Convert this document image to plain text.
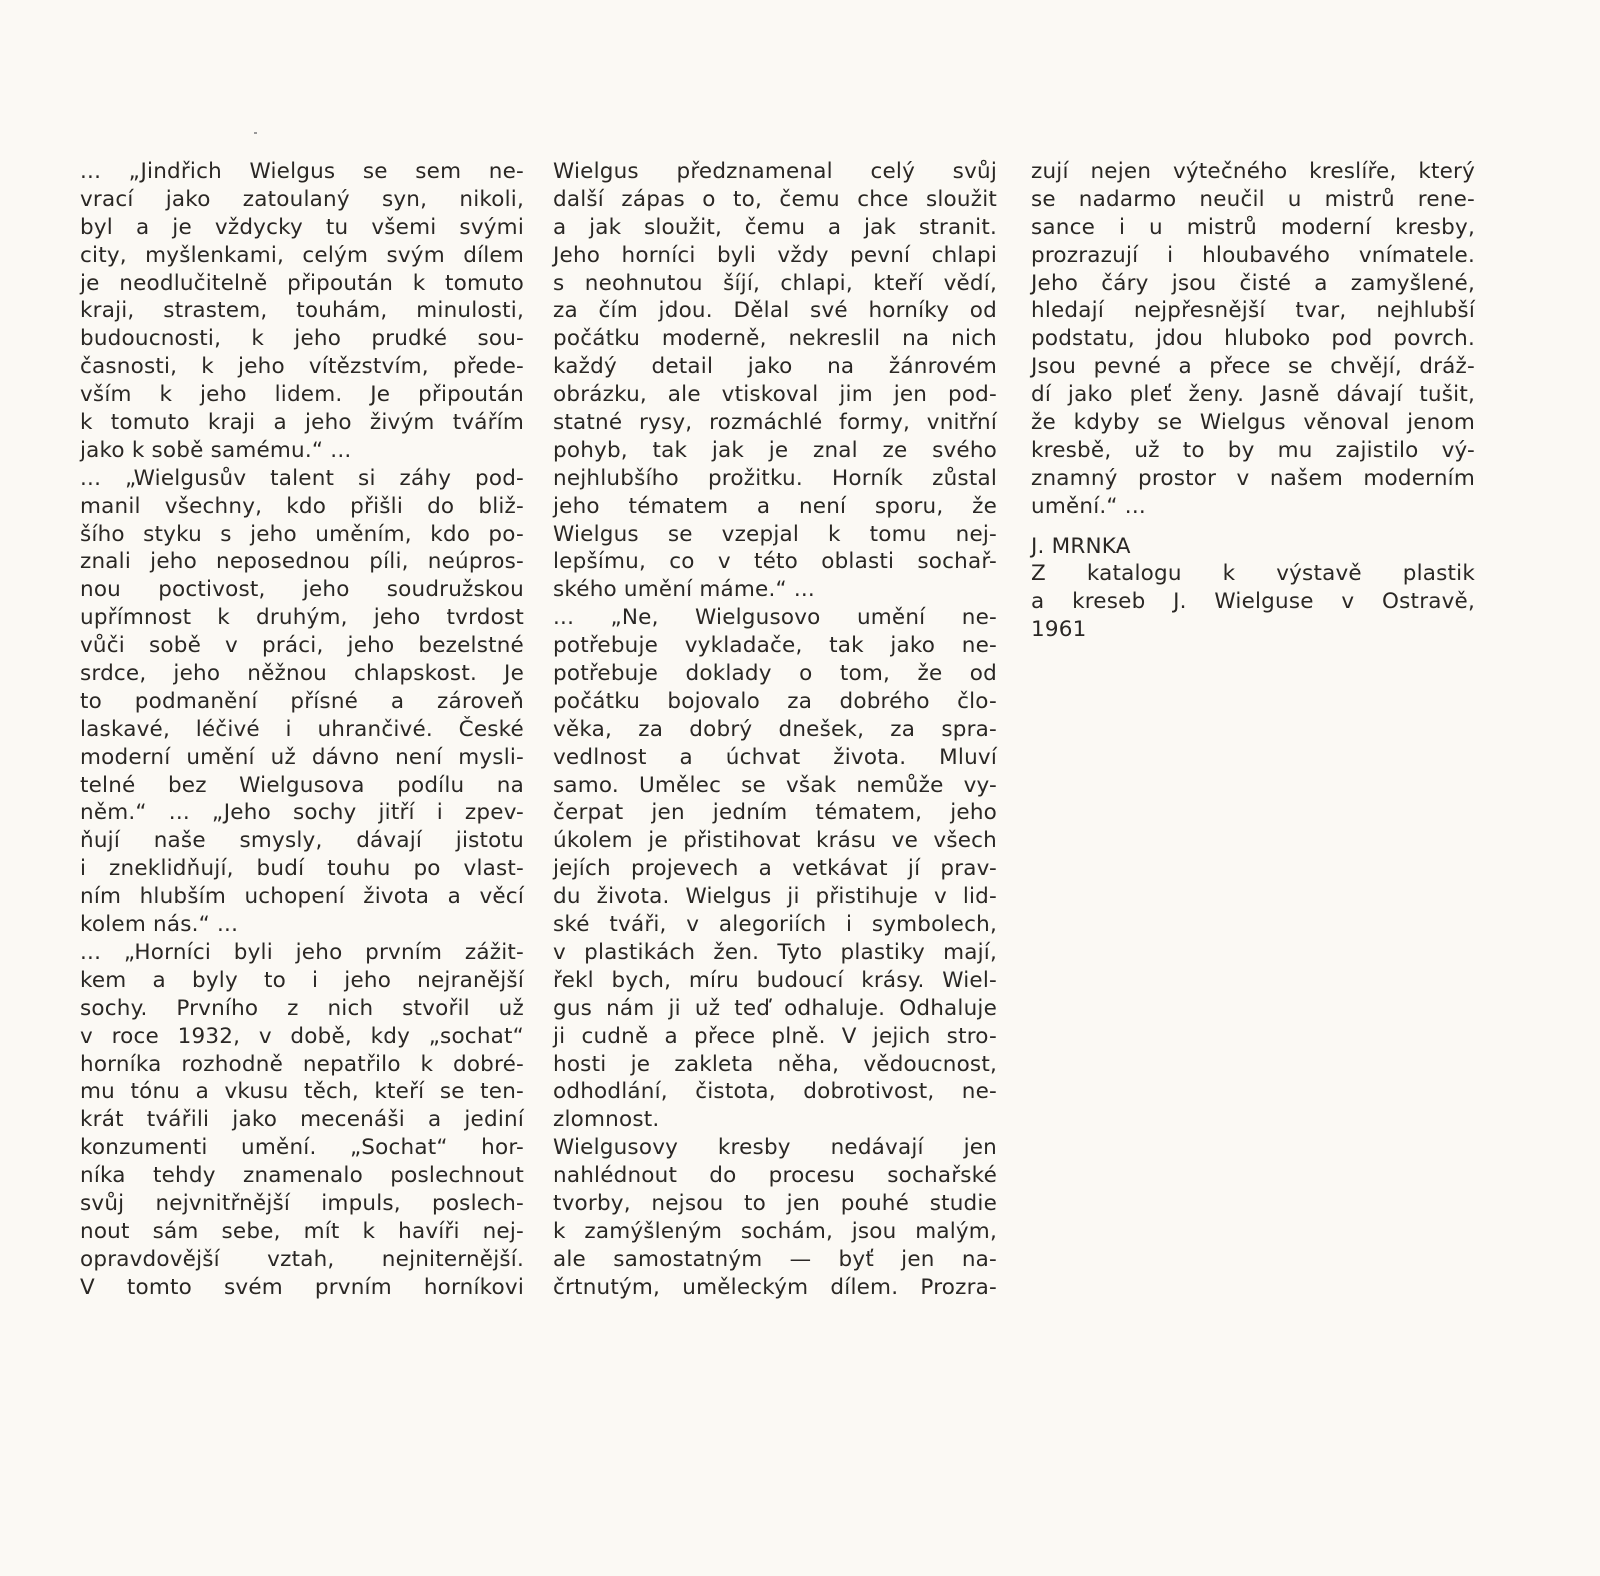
... „Jindřich Wielgus se sem ne-
vrací jako zatoulaný syn, nikoli,
byl a je vždycky tu všemi svými
city, myšlenkami, celým svým dílem
je neodlučitelně připoután k tomuto
kraji, strastem, touhám, minulosti,
budoucnosti, k jeho prudké sou-
časnosti, k jeho vítězstvím, přede-
vším k jeho lidem. Je připoután
k tomuto kraji a jeho živým tvářím
jako k sobě samému.“ ...
... „Wielgusův talent si záhy pod-
manil všechny, kdo přišli do bliž-
šího styku s jeho uměním, kdo po-
znali jeho neposednou píli, neúpros-
nou poctivost, jeho soudružskou
upřímnost k druhým, jeho tvrdost
vůči sobě v práci, jeho bezelstné
srdce, jeho něžnou chlapskost. Je
to podmanění přísné a zároveň
laskavé, léčivé i uhrančivé. České
moderní umění už dávno není mysli-
telné bez Wielgusova podílu na
něm.“ ... „Jeho sochy jitří i zpev-
ňují naše smysly, dávají jistotu
i zneklidňují, budí touhu po vlast-
ním hlubším uchopení života a věcí
kolem nás.“ ...
... „Horníci byli jeho prvním zážit-
kem a byly to i jeho nejranější
sochy. Prvního z nich stvořil už
v roce 1932, v době, kdy „sochat“
horníka rozhodně nepatřilo k dobré-
mu tónu a vkusu těch, kteří se ten-
krát tvářili jako mecenáši a jediní
konzumenti umění. „Sochat“ hor-
níka tehdy znamenalo poslechnout
svůj nejvnitřnější impuls, poslech-
nout sám sebe, mít k havíři nej-
opravdovější vztah, nejniternější.
V tomto svém prvním horníkovi
Wielgus předznamenal celý svůj
další zápas o to, čemu chce sloužit
a jak sloužit, čemu a jak stranit.
Jeho horníci byli vždy pevní chlapi
s neohnutou šíjí, chlapi, kteří vědí,
za čím jdou. Dělal své horníky od
počátku moderně, nekreslil na nich
každý detail jako na žánrovém
obrázku, ale vtiskoval jim jen pod-
statné rysy, rozmáchlé formy, vnitřní
pohyb, tak jak je znal ze svého
nejhlubšího prožitku. Horník zůstal
jeho tématem a není sporu, že
Wielgus se vzepjal k tomu nej-
lepšímu, co v této oblasti sochař-
ského umění máme.“ ...
... „Ne, Wielgusovo umění ne-
potřebuje vykladače, tak jako ne-
potřebuje doklady o tom, že od
počátku bojovalo za dobrého člo-
věka, za dobrý dnešek, za spra-
vedlnost a úchvat života. Mluví
samo. Umělec se však nemůže vy-
čerpat jen jedním tématem, jeho
úkolem je přistihovat krásu ve všech
jejích projevech a vetkávat jí prav-
du života. Wielgus ji přistihuje v lid-
ské tváři, v alegoriích i symbolech,
v plastikách žen. Tyto plastiky mají,
řekl bych, míru budoucí krásy. Wiel-
gus nám ji už teď odhaluje. Odhaluje
ji cudně a přece plně. V jejich stro-
hosti je zakleta něha, vědoucnost,
odhodlání, čistota, dobrotivost, ne-
zlomnost.
Wielgusovy kresby nedávají jen
nahlédnout do procesu sochařské
tvorby, nejsou to jen pouhé studie
k zamýšleným sochám, jsou malým,
ale samostatným — byť jen na-
črtnutým, uměleckým dílem. Prozra-
zují nejen výtečného kreslíře, který
se nadarmo neučil u mistrů rene-
sance i u mistrů moderní kresby,
prozrazují i hloubavého vnímatele.
Jeho čáry jsou čisté a zamyšlené,
hledají nejpřesnější tvar, nejhlubší
podstatu, jdou hluboko pod povrch.
Jsou pevné a přece se chvějí, dráž-
dí jako pleť ženy. Jasně dávají tušit,
že kdyby se Wielgus věnoval jenom
kresbě, už to by mu zajistilo vý-
znamný prostor v našem moderním
umění.“ ...
J. MRNKA
Z katalogu k výstavě plastik
a kreseb J. Wielguse v Ostravě,
1961
